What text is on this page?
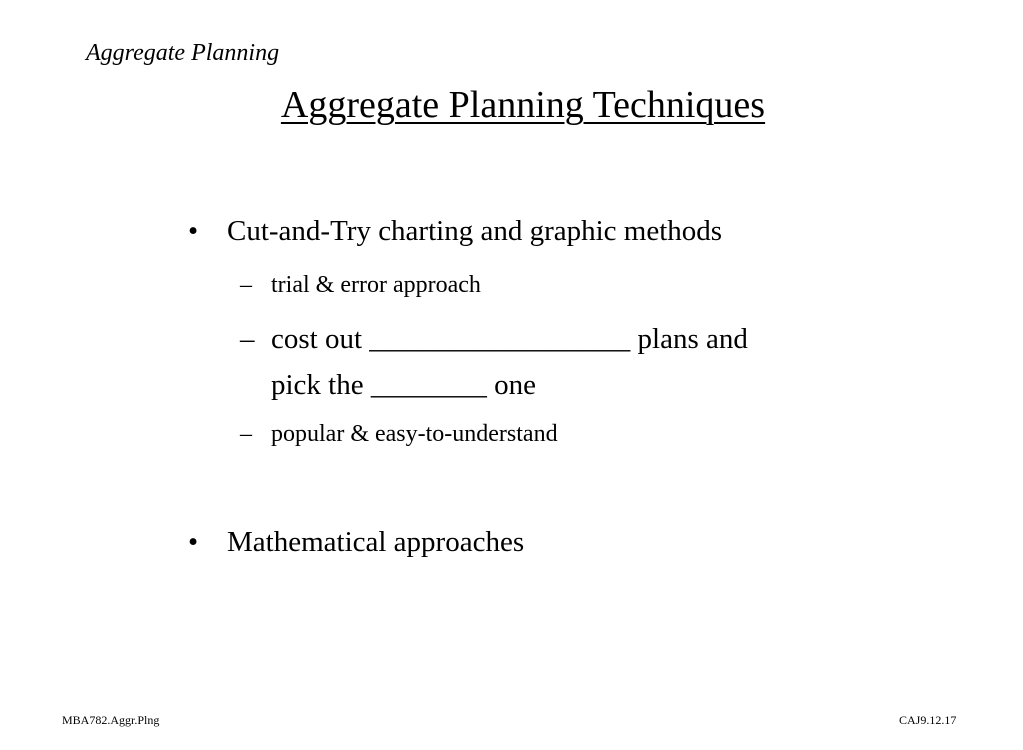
Aggregate Planning
Aggregate Planning Techniques
• Cut-and-Try charting and graphic methods
– trial & error approach
– cost out __________________ plans and
pick the ________ one
– popular & easy-to-understand
• Mathematical approaches
MBA782.Aggr.Plng	CAJ9.12.17
